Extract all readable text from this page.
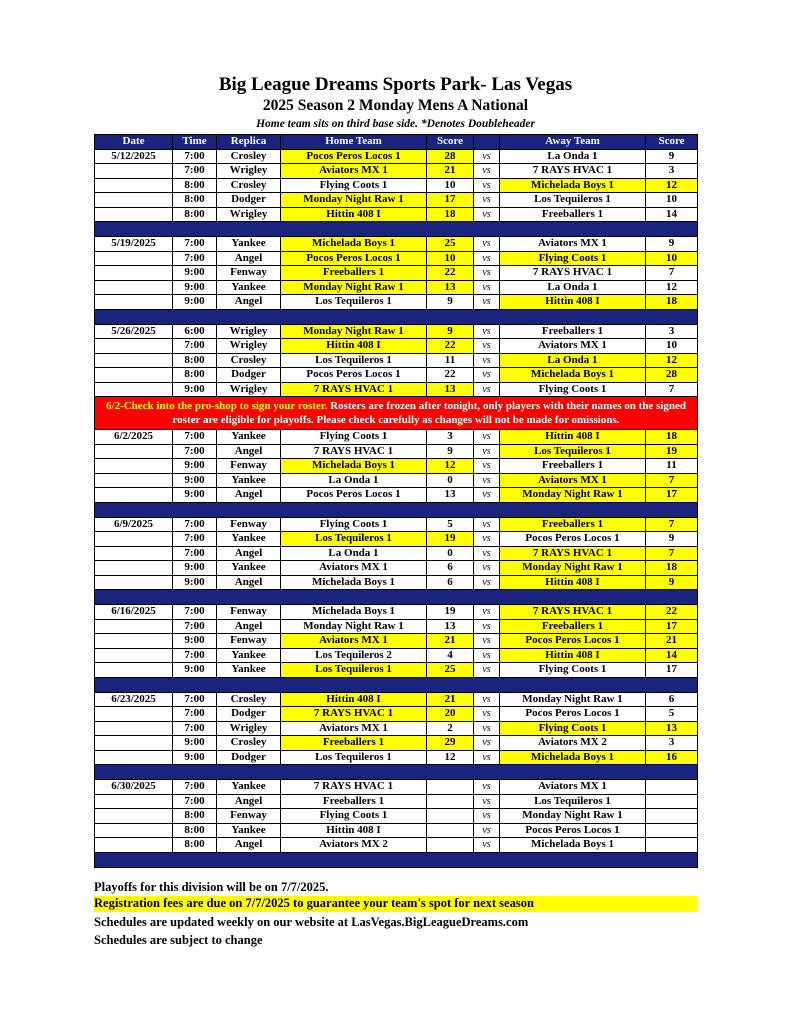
Big League Dreams Sports Park- Las Vegas
2025 Season 2 Monday Mens A National
Home team sits on third base side. *Denotes Doubleheader
Date	Time	Replica	Home Team	Score		Away Team	Score
5/12/2025	7:00	Crosley	Pocos Peros Locos 1	28	vs	La Onda 1	9
	7:00	Wrigley	Aviators MX 1	21	vs	7 RAYS HVAC 1	3
	8:00	Crosley	Flying Coots 1	10	vs	Michelada Boys 1	12
	8:00	Dodger	Monday Night Raw 1	17	vs	Los Tequileros 1	10
	8:00	Wrigley	Hittin 408 I	18	vs	Freeballers 1	14

5/19/2025	7:00	Yankee	Michelada Boys 1	25	vs	Aviators MX 1	9
	7:00	Angel	Pocos Peros Locos 1	10	vs	Flying Coots 1	10
	9:00	Fenway	Freeballers 1	22	vs	7 RAYS HVAC 1	7
	9:00	Yankee	Monday Night Raw 1	13	vs	La Onda 1	12
	9:00	Angel	Los Tequileros 1	9	vs	Hittin 408 I	18

5/26/2025	6:00	Wrigley	Monday Night Raw 1	9	vs	Freeballers 1	3
	7:00	Wrigley	Hittin 408 I	22	vs	Aviators MX 1	10
	8:00	Crosley	Los Tequileros 1	11	vs	La Onda 1	12
	8:00	Dodger	Pocos Peros Locos 1	22	vs	Michelada Boys 1	28
	9:00	Wrigley	7 RAYS HVAC 1	13	vs	Flying Coots 1	7
6/2-Check into the pro-shop to sign your roster. Rosters are frozen after tonight, only players with their names on the signed roster are eligible for playoffs. Please check carefully as changes will not be made for omissions.							
6/2/2025	7:00	Yankee	Flying Coots 1	3	vs	Hittin 408 I	18
	7:00	Angel	7 RAYS HVAC 1	9	vs	Los Tequileros 1	19
	9:00	Fenway	Michelada Boys 1	12	vs	Freeballers 1	11
	9:00	Yankee	La Onda 1	0	vs	Aviators MX 1	7
	9:00	Angel	Pocos Peros Locos 1	13	vs	Monday Night Raw 1	17

6/9/2025	7:00	Fenway	Flying Coots 1	5	vs	Freeballers 1	7
	7:00	Yankee	Los Tequileros 1	19	vs	Pocos Peros Locos 1	9
	7:00	Angel	La Onda 1	0	vs	7 RAYS HVAC 1	7
	9:00	Yankee	Aviators MX 1	6	vs	Monday Night Raw 1	18
	9:00	Angel	Michelada Boys 1	6	vs	Hittin 408 I	9

6/16/2025	7:00	Fenway	Michelada Boys 1	19	vs	7 RAYS HVAC 1	22
	7:00	Angel	Monday Night Raw 1	13	vs	Freeballers 1	17
	9:00	Fenway	Aviators MX 1	21	vs	Pocos Peros Locos 1	21
	7:00	Yankee	Los Tequileros 2	4	vs	Hittin 408 I	14
	9:00	Yankee	Los Tequileros 1	25	vs	Flying Coots 1	17

6/23/2025	7:00	Crosley	Hittin 408 I	21	vs	Monday Night Raw 1	6
	7:00	Dodger	7 RAYS HVAC 1	20	vs	Pocos Peros Locos 1	5
	7:00	Wrigley	Aviators MX 1	2	vs	Flying Coots 1	13
	9:00	Crosley	Freeballers 1	29	vs	Aviators MX 2	3
	9:00	Dodger	Los Tequileros 1	12	vs	Michelada Boys 1	16

6/30/2025	7:00	Yankee	7 RAYS HVAC 1		vs	Aviators MX 1	
	7:00	Angel	Freeballers 1		vs	Los Tequileros 1	
	8:00	Fenway	Flying Coots 1		vs	Monday Night Raw 1	
	8:00	Yankee	Hittin 408 I		vs	Pocos Peros Locos 1	
	8:00	Angel	Aviators MX 2		vs	Michelada Boys 1	

Playoffs for this division will be on 7/7/2025.
Registration fees are due on 7/7/2025 to guarantee your team's spot for next season
Schedules are updated weekly on our website at LasVegas.BigLeagueDreams.com
Schedules are subject to change
